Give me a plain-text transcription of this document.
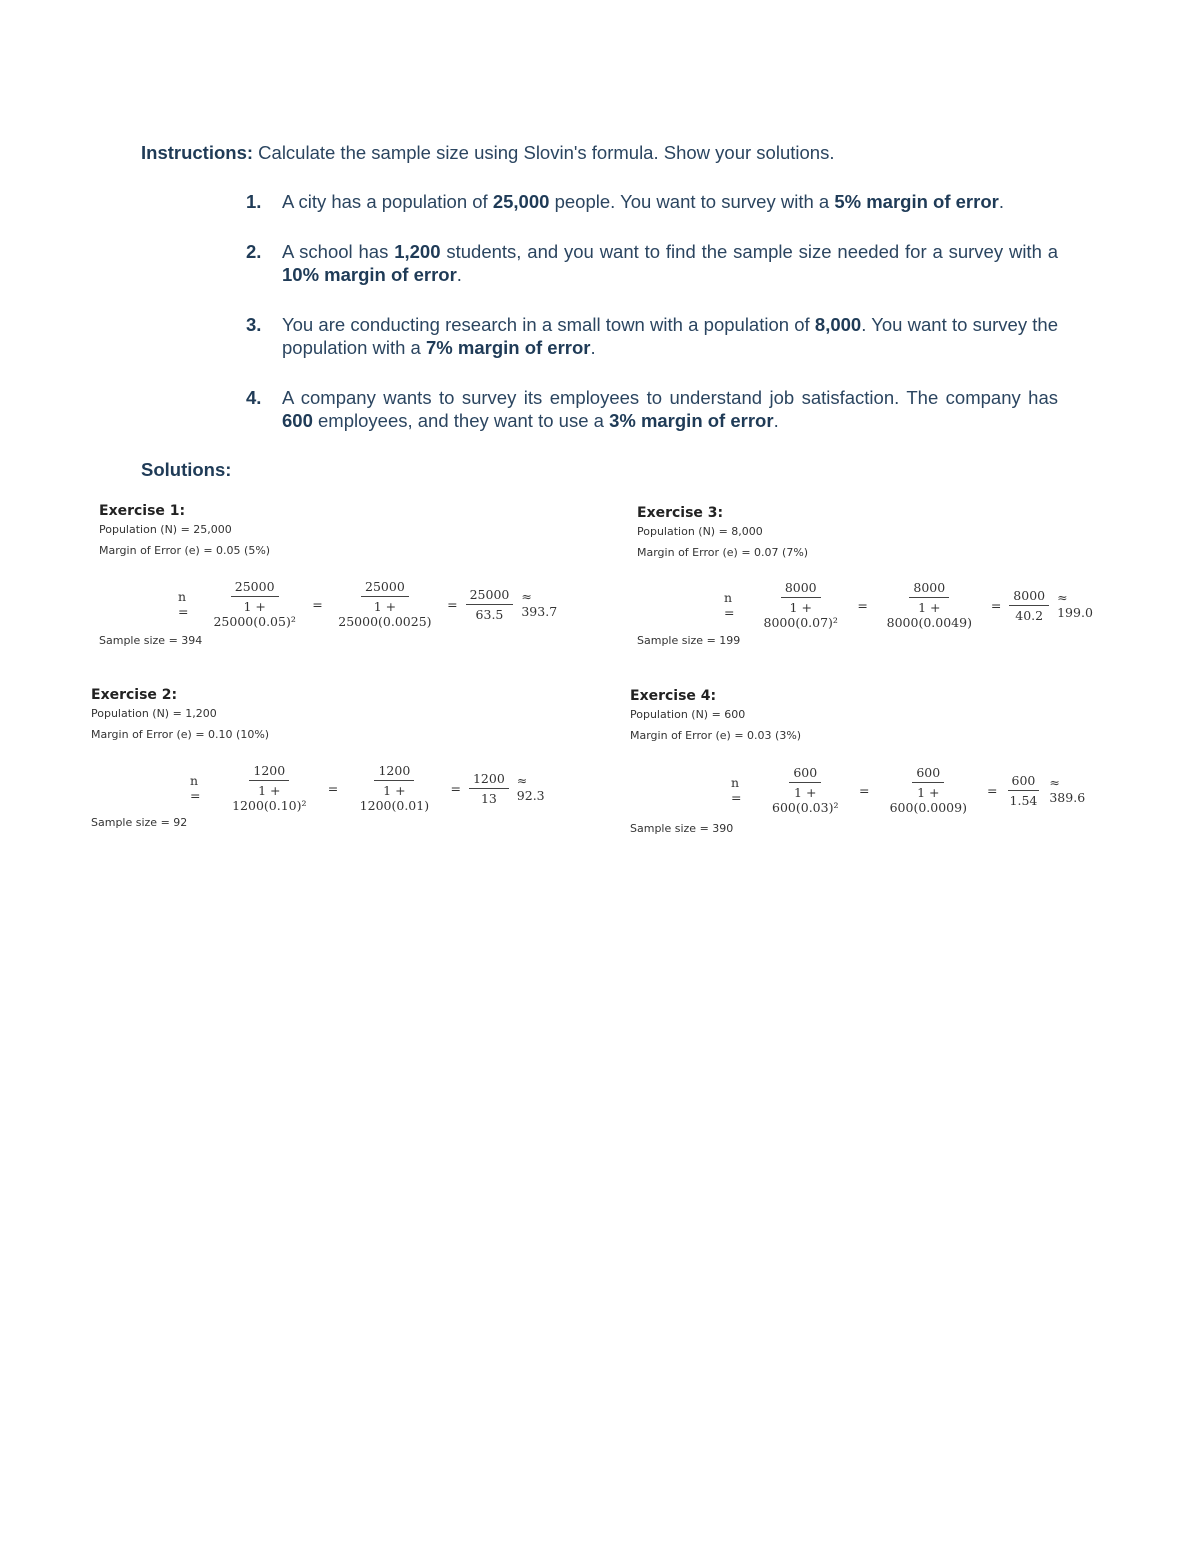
Instructions: Calculate the sample size using Slovin's formula. Show your solutions.
1. A city has a population of 25,000 people. You want to survey with a 5% margin of error.
2. A school has 1,200 students, and you want to find the sample size needed for a survey with a 10% margin of error.
3. You are conducting research in a small town with a population of 8,000. You want to survey the population with a 7% margin of error.
4. A company wants to survey its employees to understand job satisfaction. The company has 600 employees, and they want to use a 3% margin of error.
Solutions:
Exercise 1:
Population (N) = 25,000
Margin of Error (e) = 0.05 (5%)
n =	$\frac{25000}{\text{1 + 25000(0.05)²}} = \frac{25000}{1 + 25000(0.0025)} = \frac{25000}{63.5} \approx 393.7$
Sample size = 394
Exercise 2:
Population (N) = 1,200
Margin of Error (e) = 0.10 (10%)
n =	$\frac{1200}{\text{1 + 1200(0.10)²}} = \frac{1200}{1 + 1200(0.01)} = \frac{1200}{13} \approx 92.3$
Sample size = 92
Exercise 3:
Population (N) = 8,000
Margin of Error (e) = 0.07 (7%)
n =	$\frac{8000}{\text{1 + 8000(0.07)²}} = \frac{8000}{1 + 8000(0.0049)} = \frac{8000}{40.2} \approx 199.0$
Sample size = 199
Exercise 4:
Population (N) = 600
Margin of Error (e) = 0.03 (3%)
n =	$\frac{600}{\text{1 + 600(0.03)²}} = \frac{600}{1 + 600(0.0009)} = \frac{600}{1.54} \approx 389.6$
Sample size = 390
